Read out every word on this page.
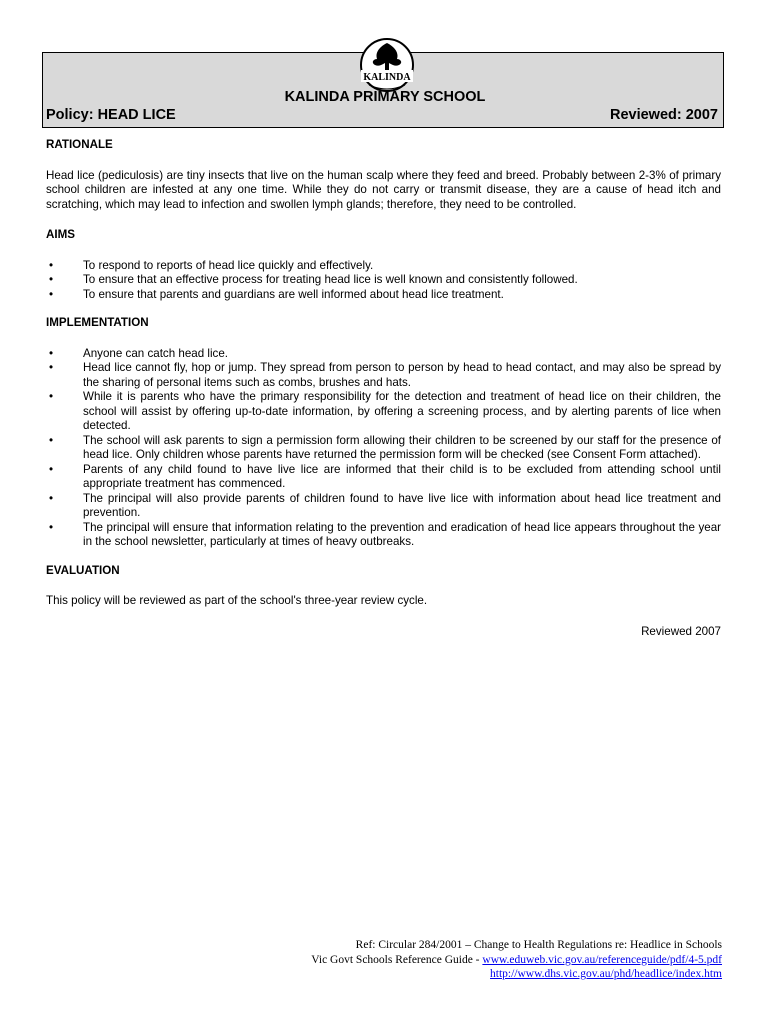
KALINDA
KALINDA PRIMARY SCHOOL
Policy: HEAD LICE	Reviewed: 2007
RATIONALE

Head lice (pediculosis) are tiny insects that live on the human scalp where they feed and breed. Probably between 2-3% of primary school children are infested at any one time. While they do not carry or transmit disease, they are a cause of head itch and scratching, which may lead to infection and swollen lymph glands; therefore, they need to be controlled.

AIMS
•	To respond to reports of head lice quickly and effectively.
•	To ensure that an effective process for treating head lice is well known and consistently followed.
•	To ensure that parents and guardians are well informed about head lice treatment.
IMPLEMENTATION
•	Anyone can catch head lice.
•	Head lice cannot fly, hop or jump. They spread from person to person by head to head contact, and may also be spread by the sharing of personal items such as combs, brushes and hats.
•	While it is parents who have the primary responsibility for the detection and treatment of head lice on their children, the school will assist by offering up-to-date information, by offering a screening process, and by alerting parents of lice when detected.
•	The school will ask parents to sign a permission form allowing their children to be screened by our staff for the presence of head lice. Only children whose parents have returned the permission form will be checked (see Consent Form attached).
•	Parents of any child found to have live lice are informed that their child is to be excluded from attending school until appropriate treatment has commenced.
•	The principal will also provide parents of children found to have live lice with information about head lice treatment and prevention.
•	The principal will ensure that information relating to the prevention and eradication of head lice appears throughout the year in the school newsletter, particularly at times of heavy outbreaks.
EVALUATION

This policy will be reviewed as part of the school's three-year review cycle.

Reviewed 2007

Ref: Circular 284/2001 – Change to Health Regulations re: Headlice in Schools
Vic Govt Schools Reference Guide - www.eduweb.vic.gov.au/referenceguide/pdf/4-5.pdf
http://www.dhs.vic.gov.au/phd/headlice/index.htm
